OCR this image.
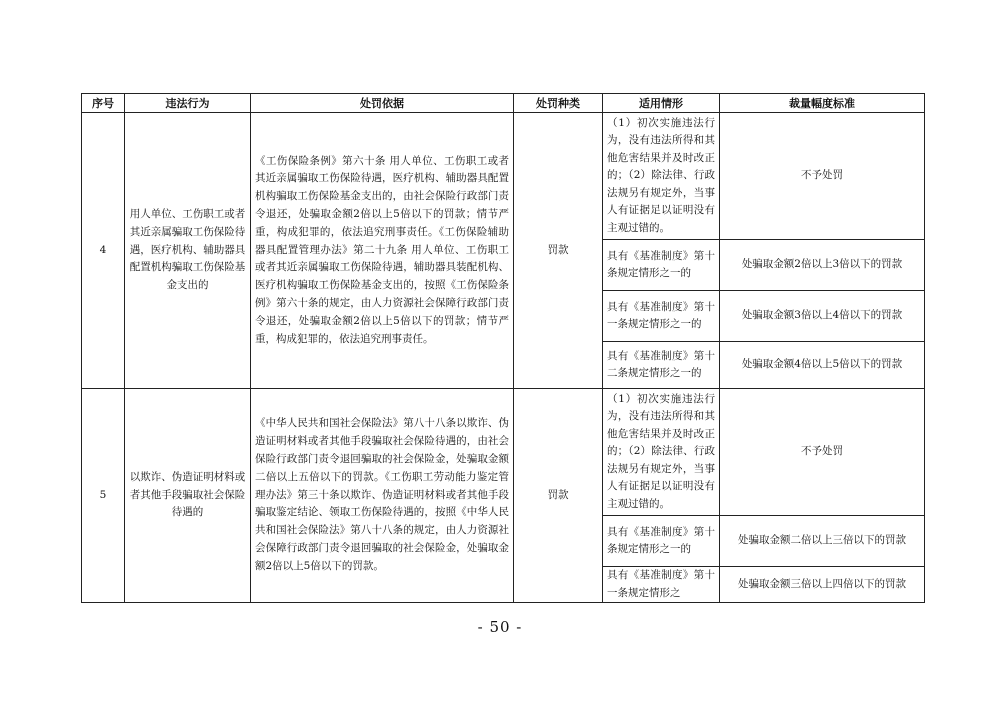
序号	违法行为	处罚依据	处罚种类	适用情形	裁量幅度标准
4	用人单位、工伤职工或者其近亲属骗取工伤保险待遇，医疗机构、辅助器具配置机构骗取工伤保险基金支出的	《工伤保险条例》第六十条 用人单位、工伤职工或者其近亲属骗取工伤保险待遇，医疗机构、辅助器具配置机构骗取工伤保险基金支出的，由社会保险行政部门责令退还，处骗取金额2倍以上5倍以下的罚款；情节严重，构成犯罪的，依法追究刑事责任。《工伤保险辅助器具配置管理办法》第二十九条 用人单位、工伤职工或者其近亲属骗取工伤保险待遇，辅助器具装配机构、医疗机构骗取工伤保险基金支出的，按照《工伤保险条例》第六十条的规定，由人力资源社会保障行政部门责令退还，处骗取金额2倍以上5倍以下的罚款；情节严重，构成犯罪的，依法追究刑事责任。	罚款	（1）初次实施违法行为，没有违法所得和其他危害结果并及时改正的；（2）除法律、行政法规另有规定外，当事人有证据足以证明没有主观过错的。	不予处罚
				具有《基准制度》第十条规定情形之一的	处骗取金额2倍以上3倍以下的罚款
				具有《基准制度》第十一条规定情形之一的	处骗取金额3倍以上4倍以下的罚款
				具有《基准制度》第十二条规定情形之一的	处骗取金额4倍以上5倍以下的罚款
5	以欺诈、伪造证明材料或者其他手段骗取社会保险待遇的	《中华人民共和国社会保险法》第八十八条以欺诈、伪造证明材料或者其他手段骗取社会保险待遇的，由社会保险行政部门责令退回骗取的社会保险金，处骗取金额二倍以上五倍以下的罚款。《工伤职工劳动能力鉴定管理办法》第三十条以欺诈、伪造证明材料或者其他手段骗取鉴定结论、领取工伤保险待遇的，按照《中华人民共和国社会保险法》第八十八条的规定，由人力资源社会保障行政部门责令退回骗取的社会保险金，处骗取金额2倍以上5倍以下的罚款。	罚款	（1）初次实施违法行为，没有违法所得和其他危害结果并及时改正的；（2）除法律、行政法规另有规定外，当事人有证据足以证明没有主观过错的。	不予处罚
				具有《基准制度》第十条规定情形之一的	处骗取金额二倍以上三倍以下的罚款
				具有《基准制度》第十一条规定情形之	处骗取金额三倍以上四倍以下的罚款
- 50 -
